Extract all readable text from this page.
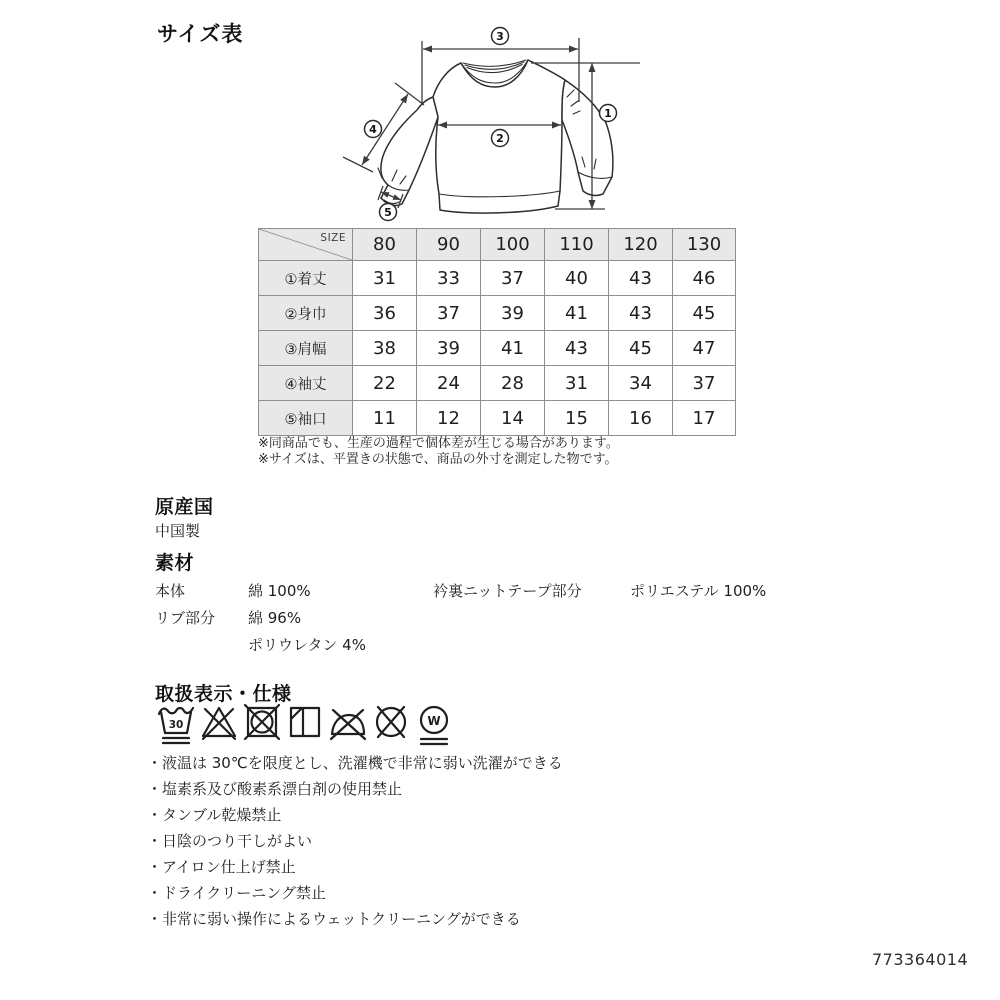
サイズ表	3
1
2
4
5
SIZE	80	90	100	110	120	130
①着丈	31	33	37	40	43	46
②身巾	36	37	39	41	43	45
③肩幅	38	39	41	43	45	47
④袖丈	22	24	28	31	34	37
⑤袖口	11	12	14	15	16	17
※同商品でも、生産の過程で個体差が生じる場合があります。
※サイズは、平置きの状態で、商品の外寸を測定した物です。
原産国
中国製
素材
本体	綿 100%	衿裏ニットテープ部分	ポリエステル 100%
リブ部分 綿 96%
ポリウレタン 4%
取扱表示・仕様
30	W
・液温は 30℃を限度とし、洗濯機で非常に弱い洗濯ができる
・塩素系及び酸素系漂白剤の使用禁止
・タンブル乾燥禁止
・日陰のつり干しがよい
・アイロン仕上げ禁止
・ドライクリーニング禁止
・非常に弱い操作によるウェットクリーニングができる
773364014
